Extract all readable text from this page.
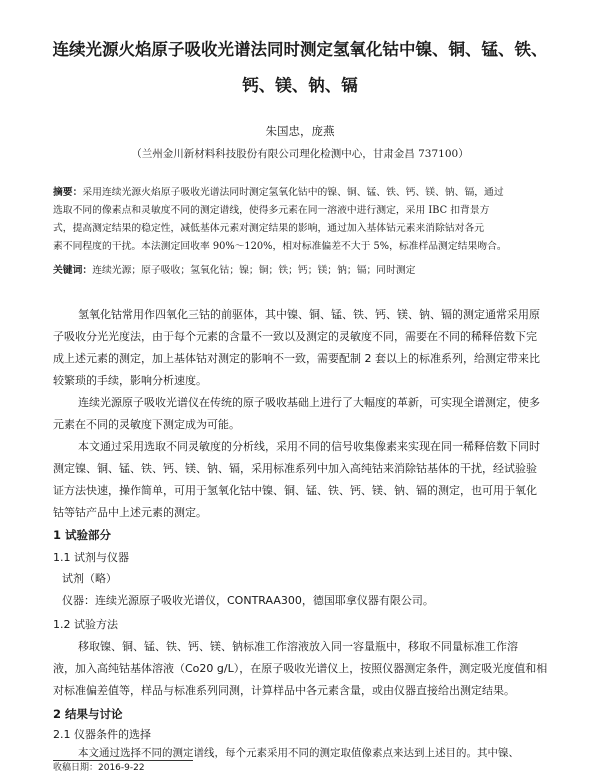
连续光源火焰原子吸收光谱法同时测定氢氧化钴中镍、铜、锰、铁、
钙、镁、钠、镉
朱国忠，庞燕
（兰州金川新材料科技股份有限公司理化检测中心，甘肃金昌 737100）
摘要：采用连续光源火焰原子吸收光谱法同时测定氢氧化钴中的镍、铜、锰、铁、钙、镁、钠、镉，通过
选取不同的像素点和灵敏度不同的测定谱线，使得多元素在同一溶液中进行测定，采用 IBC 扣背景方
式，提高测定结果的稳定性，减低基体元素对测定结果的影响，通过加入基体钴元素来消除钴对各元
素不同程度的干扰。本法测定回收率 90%～120%，相对标准偏差不大于 5%，标准样品测定结果吻合。
关键词：连续光源；原子吸收；氢氧化钴；镍；铜；铁；钙；镁；钠；镉；同时测定
氢氧化钴常用作四氧化三钴的前驱体，其中镍、铜、锰、铁、钙、镁、钠、镉的测定通常采用原
子吸收分光光度法，由于每个元素的含量不一致以及测定的灵敏度不同，需要在不同的稀释倍数下完
成上述元素的测定，加上基体钴对测定的影响不一致，需要配制 2 套以上的标准系列，给测定带来比
较繁琐的手续，影响分析速度。
连续光源原子吸收光谱仪在传统的原子吸收基础上进行了大幅度的革新，可实现全谱测定，使多
元素在不同的灵敏度下测定成为可能。
本文通过采用选取不同灵敏度的分析线，采用不同的信号收集像素来实现在同一稀释倍数下同时
测定镍、铜、锰、铁、钙、镁、钠、镉，采用标准系列中加入高纯钴来消除钴基体的干扰，经试验验
证方法快速，操作简单，可用于氢氧化钴中镍、铜、锰、铁、钙、镁、钠、镉的测定，也可用于氧化
钴等钴产品中上述元素的测定。
1 试验部分
1.1 试剂与仪器
试剂（略）
仪器：连续光源原子吸收光谱仪，CONTRAA300，德国耶拿仪器有限公司。
1.2 试验方法
移取镍、铜、锰、铁、钙、镁、钠标准工作溶液放入同一容量瓶中，移取不同量标准工作溶
液，加入高纯钴基体溶液（Co20 g/L），在原子吸收光谱仪上，按照仪器测定条件，测定吸光度值和相
对标准偏差值等，样品与标准系列同测，计算样品中各元素含量，或由仪器直接给出测定结果。
2 结果与讨论
2.1 仪器条件的选择
本文通过选择不同的测定谱线，每个元素采用不同的测定取值像素点来达到上述目的。其中镍、
收稿日期：2016-9-22
